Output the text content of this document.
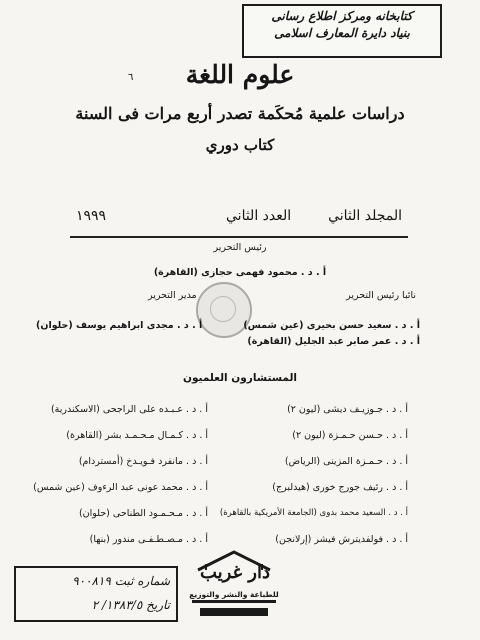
كتابخانه ومركز اطلاع رسانى
بنياد دايرة المعارف اسلامى
٦	علوم اللغة
دراسات علمية مُحكَمة تصدر أربع مرات فى السنة
كتاب دوري
المجلد الثاني
العدد الثاني
١٩٩٩
رئيس التحرير
أ . د . محمود فهمى حجازى (القاهرة)
نائبا رئيس التحرير
أ . د . سعيد حسن بحيرى (عين شمس)
أ . د . عمر صابر عبد الجليل (القاهرة)
مدير التحرير
أ . د . مجدى ابراهيم يوسف (حلوان)
المستشارون العلميون
أ . د . جـوزيـف ديشى (ليون ٢)
أ . د . حـسن حـمـزة (ليون ٢)
أ . د . حـمـزة المزينى (الرياض)
أ . د . رئيف جورج خورى (هيدلبرج)
أ . د . السعيد محمد بدوى (الجامعة الأمريكية بالقاهرة)
أ . د . فولفديترش فيشر (إرلانجن)
أ . د . عـبـده على الراجحى (الاسكندرية)
أ . د . كـمـال مـحـمـد بشر (القاهرة)
أ . د . مانفرد فـويـدخ (أمستردام)
أ . د . محمد عونى عبد الرءوف (عين شمس)
أ . د . مـحـمـود الطناحى (حلوان)
أ . د . مـصـطـفـى مندور (بنها)
شماره ثبت ٩٠٠٨١٩
تاريخ ١٣٨٣/٥/ ٢
دار غريب
للطباعة والنشر والتوزيع
